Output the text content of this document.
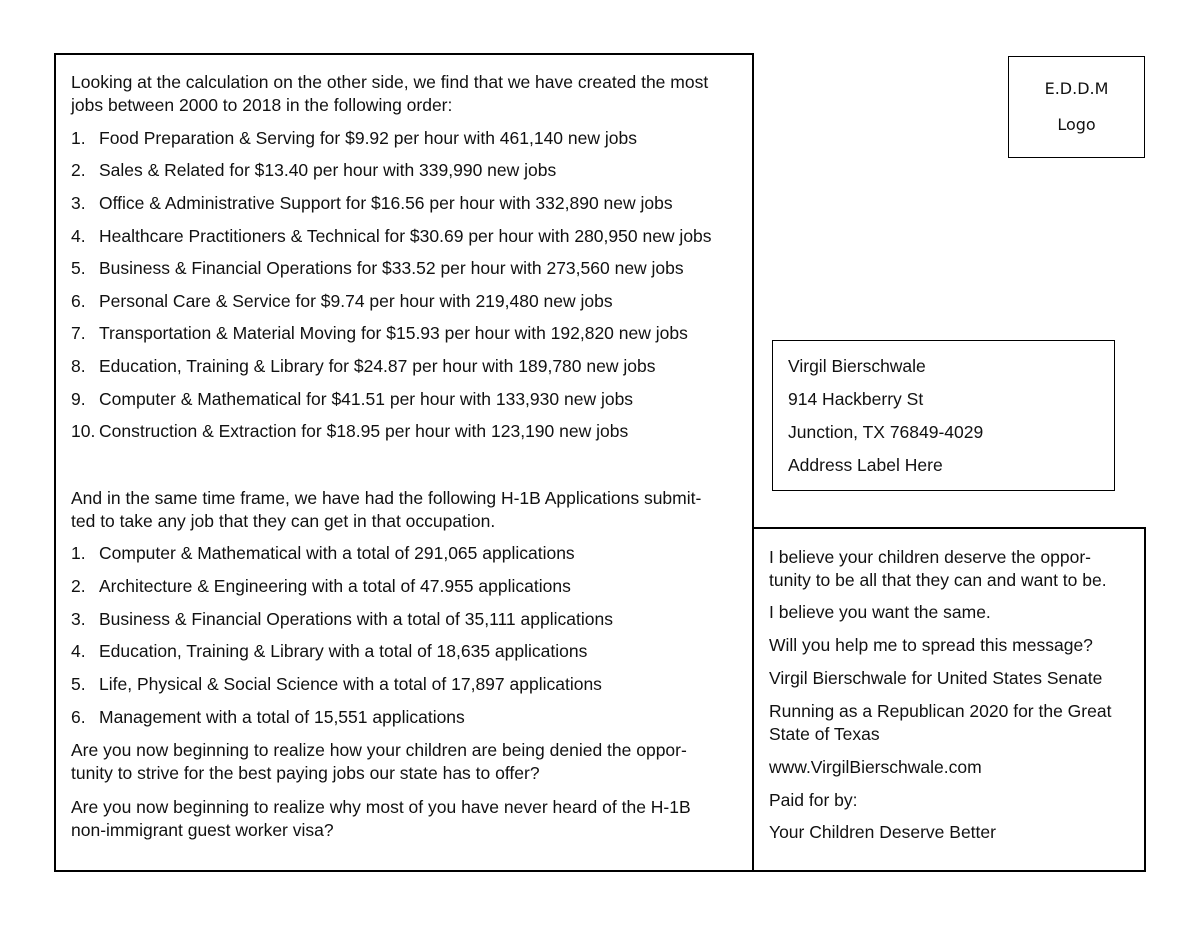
E.D.D.M
Logo
Virgil Bierschwale
914 Hackberry St
Junction, TX 76849-4029
Address Label Here
Looking at the calculation on the other side, we find that we have created the most
jobs between 2000 to 2018 in the following order:
1. Food Preparation & Serving for $9.92 per hour with 461,140 new jobs
2. Sales & Related for $13.40 per hour with 339,990 new jobs
3. Office & Administrative Support for $16.56 per hour with 332,890 new jobs
4. Healthcare Practitioners & Technical for $30.69 per hour with 280,950 new jobs
5. Business & Financial Operations for $33.52 per hour with 273,560 new jobs
6. Personal Care & Service for $9.74 per hour with 219,480 new jobs
7. Transportation & Material Moving for $15.93 per hour with 192,820 new jobs
8. Education, Training & Library for $24.87 per hour with 189,780 new jobs
9. Computer & Mathematical for $41.51 per hour with 133,930 new jobs
10. Construction & Extraction for $18.95 per hour with 123,190 new jobs
And in the same time frame, we have had the following H-1B Applications submit-
ted to take any job that they can get in that occupation.
1. Computer & Mathematical with a total of 291,065 applications
2. Architecture & Engineering with a total of 47.955 applications
3. Business & Financial Operations with a total of 35,111 applications
4. Education, Training & Library with a total of 18,635 applications
5. Life, Physical & Social Science with a total of 17,897 applications
6. Management with a total of 15,551 applications
Are you now beginning to realize how your children are being denied the oppor-
tunity to strive for the best paying jobs our state has to offer?
Are you now beginning to realize why most of you have never heard of the H-1B
non-immigrant guest worker visa?
I believe your children deserve the oppor-
tunity to be all that they can and want to be.
I believe you want the same.
Will you help me to spread this message?
Virgil Bierschwale for United States Senate
Running as a Republican 2020 for the Great
State of Texas
www.VirgilBierschwale.com
Paid for by:
Your Children Deserve Better
